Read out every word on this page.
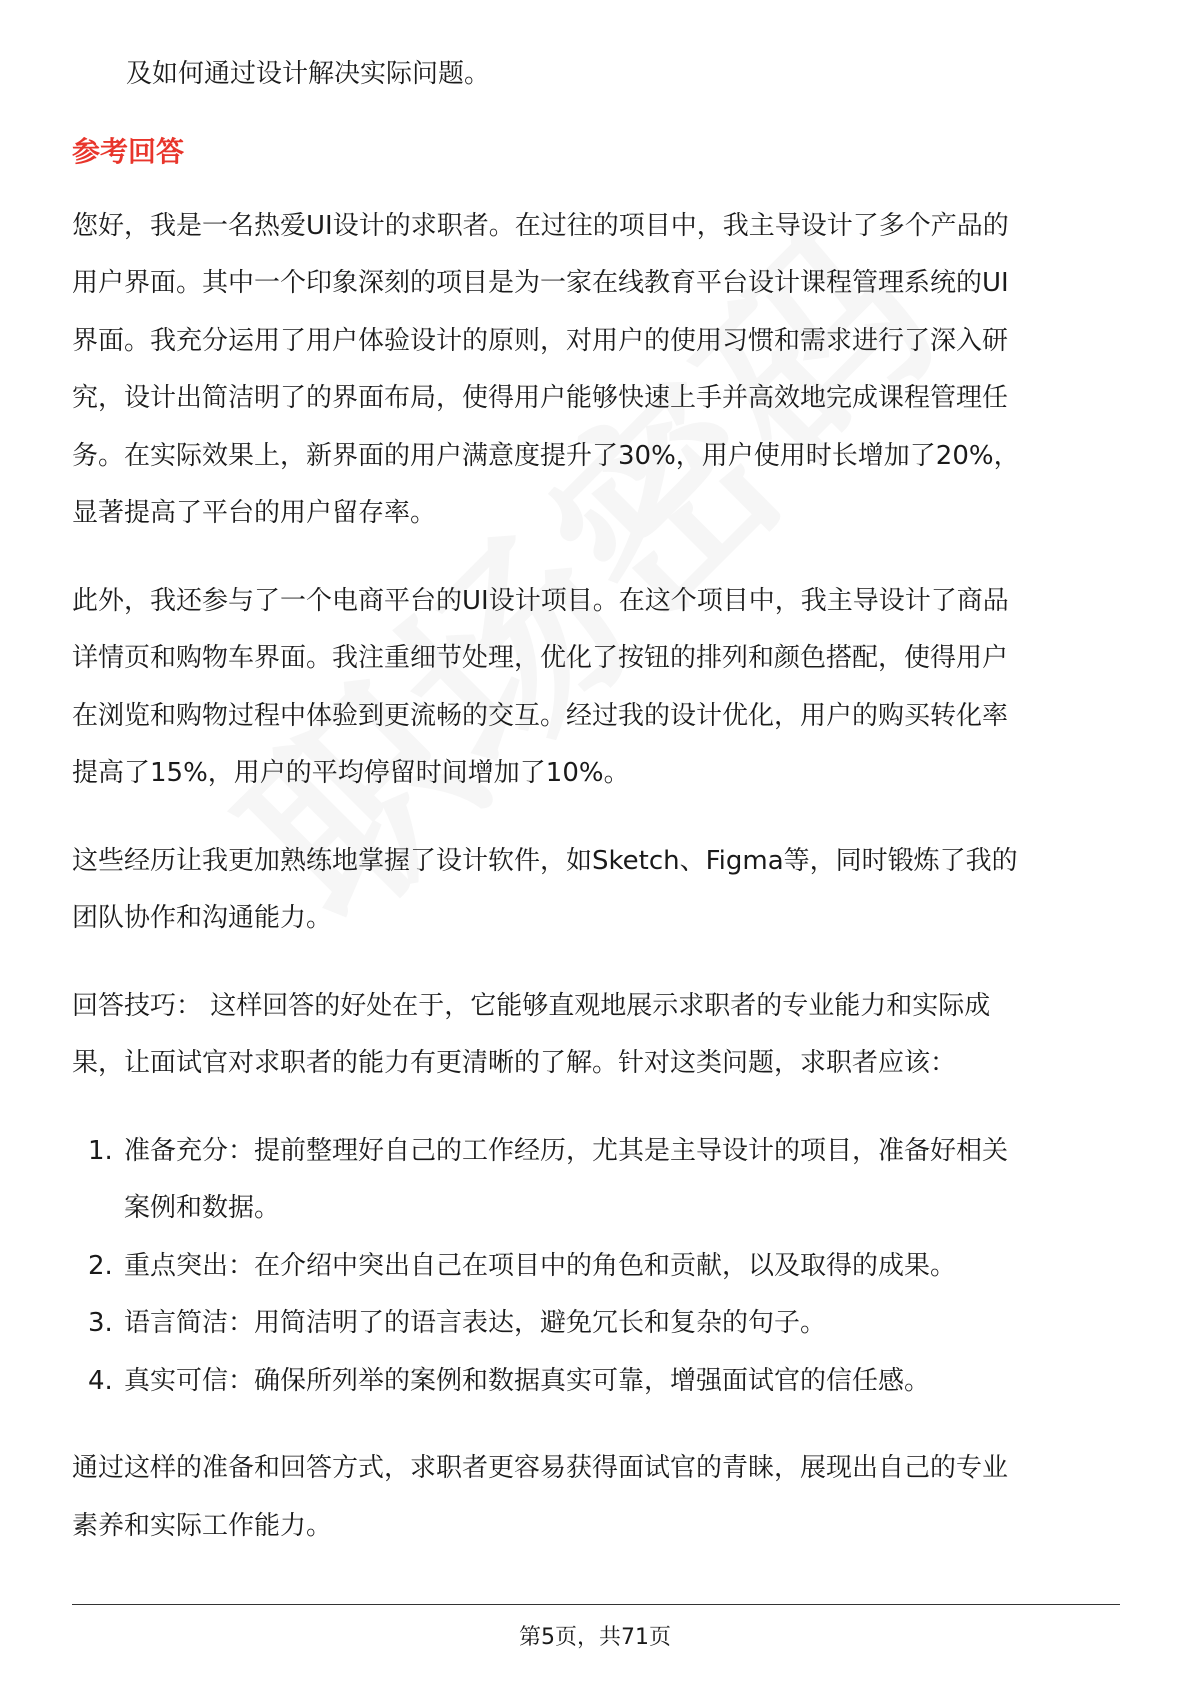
及如何通过设计解决实际问题。

参考回答

您好，我是一名热爱UI设计的求职者。在过往的项目中，我主导设计了多个产品的

用户界面。其中一个印象深刻的项目是为一家在线教育平台设计课程管理系统的UI

界面。我充分运用了用户体验设计的原则，对用户的使用习惯和需求进行了深入研

究，设计出简洁明了的界面布局，使得用户能够快速上手并高效地完成课程管理任

务。在实际效果上，新界面的用户满意度提升了30%，用户使用时长增加了20%，

显著提高了平台的用户留存率。

此外，我还参与了一个电商平台的UI设计项目。在这个项目中，我主导设计了商品

详情页和购物车界面。我注重细节处理，优化了按钮的排列和颜色搭配，使得用户

在浏览和购物过程中体验到更流畅的交互。经过我的设计优化，用户的购买转化率

提高了15%，用户的平均停留时间增加了10%。

这些经历让我更加熟练地掌握了设计软件，如Sketch、Figma等，同时锻炼了我的

团队协作和沟通能力。

回答技巧： 这样回答的好处在于，它能够直观地展示求职者的专业能力和实际成

果，让面试官对求职者的能力有更清晰的了解。针对这类问题，求职者应该：

1. 准备充分：提前整理好自己的工作经历，尤其是主导设计的项目，准备好相关

案例和数据。

2. 重点突出：在介绍中突出自己在项目中的角色和贡献，以及取得的成果。

3. 语言简洁：用简洁明了的语言表达，避免冗长和复杂的句子。

4. 真实可信：确保所列举的案例和数据真实可靠，增强面试官的信任感。

通过这样的准备和回答方式，求职者更容易获得面试官的青睐，展现出自己的专业

素养和实际工作能力。

第5页，共71页
